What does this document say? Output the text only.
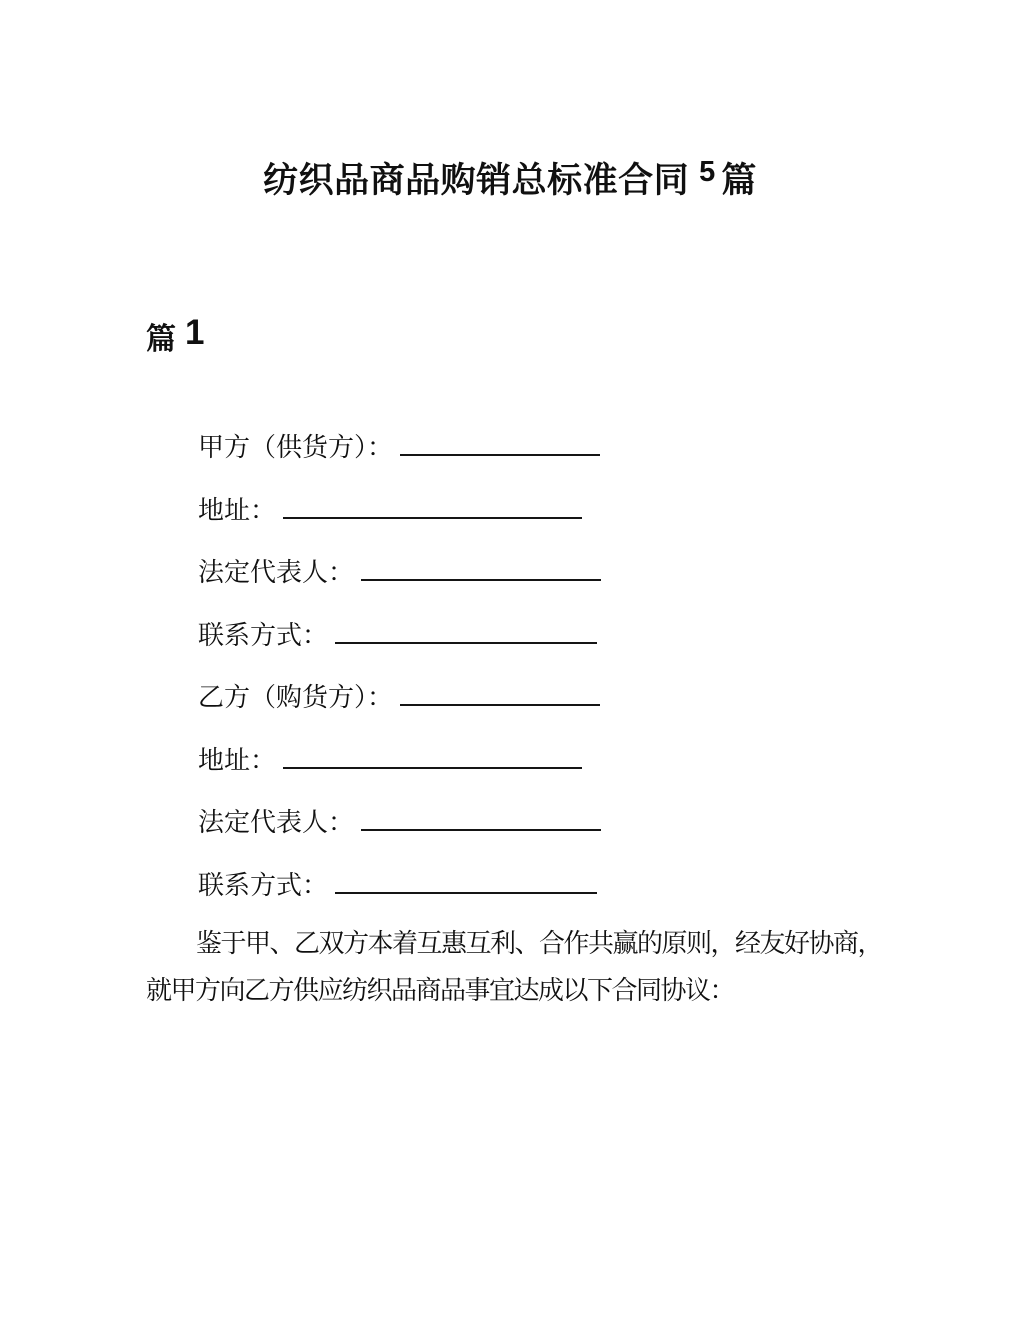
纺织品商品购销总标准合同 $^5$ 篇
篇 1
甲方（供货方）：
地址：
法定代表人：
联系方式：
乙方（购货方）：
地址：
法定代表人：
联系方式：
鉴于甲、乙双方本着互惠互利、合作共赢的原则，经友好协商，
就甲方向乙方供应纺织品商品事宜达成以下合同协议：
